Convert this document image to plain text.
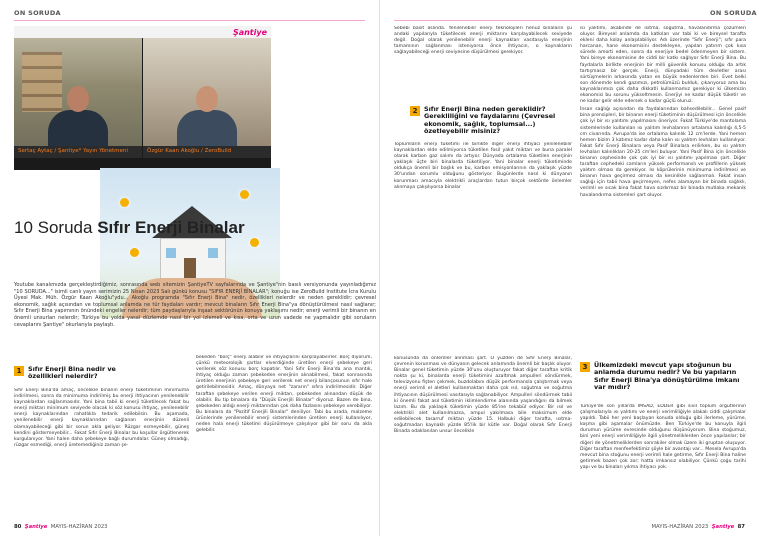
ON SORUDA
Şantiye
Sertaç Aytaç / Şantiye* Yayın Yönetmeni	Özgür Kaan Akoğlu / ZeroBuild
10 Soruda Sıfır Enerji Binalar

Youtube kanalımızda gerçekleştirdiğimiz, sonrasında web sitemizin ŞantiyeTV sayfalarında ve Şantiye"nin basılı versiyonunda yayınladığımız "10 SORUDA..." isimli canlı yayın serimizin 25 Nisan 2023 Salı günkü konusu "SIFIR ENERJİ BİNALAR"; konuğu ise ZeroBuild Institute İcra Kurulu Üyesi Mak. Müh. Özgür Kaan Akoğlu"ydu... Akoğlu programda "Sıfır Enerji Bina" nedir, özellikleri nelerdir ve neden gereklidir; çevresel ekonomik, sağlık açısından ve toplumsal anlamda ne tür faydaları vardır; mevcut binaların Sıfır Enerji Bina"ya dönüştürülmesi nasıl sağlanır; Sıfır Enerji Bina yapımının önündeki engeller nelerdir; tüm paydaşlarıyla inşaat sektörünün konuya yaklaşımı nedir; enerji verimli bir binanın en önemli unsurları nelerdir; Türkiye bu yolda yasal düzlemde nasıl bir yol izlemeli ve kısa, orta ve uzun vadede ne yapmalıdır gibi soruların cevaplarını Şantiye" okurlarıyla paylaştı.

1	Sıfır Enerji Bina nedir ve özellikleri nelerdir?

Sıfır Enerji Bina'da amaç, öncelikle binanın enerji tüketiminin minimuma indirilmesi, sonra da minimuma indirilmiş bu enerji ihtiyacının yenilenebilir kaynaklardan sağlanmasıdır. Yani bina tabii ki enerji tüketilecek fakat bu enerji miktarı minimum seviyede olacak ki söz konusu ihtiyaç, yenilenebilir enerji kaynaklarından rahatlıkla tedarik edilebilsin. Bu aşamada, yenilenebilir enerji kaynaklarından sağlanan enerjinin düzenli olamayabileceği gibi bir sorun akla geliyor. Rüzgar esmeyebilir, güneş kendini göstermeyebilir... Fakat Sıfır Enerji Binalar bu koşullar örgütlenerek kurgulanıyor. Yani halen daha şebekeye bağlı durumdalar. Güneş olmadığı, rüzgar esmediği, enerji üretemediğiniz zaman şe-

bekeden "borç" enerji alabilir ve ihtiyaçlarını karşılayabilirler. Borç diyorum, çünkü meteorolojik şartlar elverdiğinde üretilen enerji şebekeye geri verilerek söz konusu borç kapatılır. Yani Sıfır Enerji Bina'da ana mantık, ihtiyaç olduğu zaman şebekeden enerjinin alınabilmesi, fakat sonrasında üretilen enerjinin şebekeye geri verilerek net enerji bilançosunun sıfır hale getirilebilmesidir. Amaç, dünyaya net "zararın" sıfıra indirilmesidir. Diğer taraftan şebekeye verilen enerji miktarı, şebekeden alınandan düşük de olabilir. Bu tip binalara da "Düşük Enerjili Binalar" diyoruz. Bazen de bina, şebekeden aldığı enerji miktarından çok daha fazlasını şebekeye verebiliyor. Bu binalara da "Pozitif Enerjili Binalar" deniliyor. Tabi bu arada, malzeme ürünlerinde yenilenebilir enerji sistemlerinden üretilen enerji kullanılıyor, neden hala enerji tüketimi düşürülmeye çalışılıyor gibi bir soru da akla gelebilir.

80 Şantiye MAYIS-HAZİRAN 2023
ON SORUDA

Sebebi basit aslında. Yenilenebilir enerji teknolojileri henüz binaların şu andaki yapılarıyla tüketilecek enerji miktarını karşılayabilecek seviyede değil. Doğal olarak yenilenebilir enerji kaynakları vasıtasıyla enerjinin tamamının sağlanması isteniyorsa önce ihtiyacın, o kaynakların sağlayabileceği enerji seviyesine düşürülmesi gerekiyor.

2	Sıfır Enerji Bina neden gereklidir? Gerekliliğini ve faydalarını (Çevresel ekonomik, sağlık, toplumsal...) özetleyebilir misiniz?

Toplumların enerji tüketimi ile birlikte diğer enerji ihtiyacı yenilenebilir kaynaklardan elde edilmiyorsa tüketilen fosil yakıt miktarı ve buna paralel olarak karbon gaz salımı da artıyor. Dünyada ortalama tüketilen enerjinin yaklaşık üçte biri binalarda tüketiliyor. Yani binalar enerji tüketiminde oldukça önemli bir başlık ve bu, karbon emisyonlarının da yaklaşık yüzde 30'undan sorumlu olduğunu gösteriyor. Bugünlerde nasıl ki dünyanın korunması amacıyla elektrikli araçlardan tutun birçok sektörde önlemler alınmaya çalışılıyorsa binalar

konusunda da önlemler alınması şart. O yüzden de Sıfır Enerji Binalar, çevrenin korunması ve dünyanın gelecek anlamında önemli bir başlık oluyor. Binalar genel tüketimin yüzde 30'unu oluşturuyor fakat diğer taraftan kritik nokta şu ki, binalarda enerji tüketimini azaltmak ampulleri söndürmek, televizyonu fişten çekmek, buzdolabını düşük performansla çalıştırmak veya enerji verimli el aletleri kullanmaktan daha çok ısıl, soğutma ve soğutma ihtiyacının düşürülmesi vasıtasıyla sağlanabiliyor. Ampulleri söndürmek tabii ki önemli fakat asıl tüketimin iklimlendirme alanında yaşandığını da bilmek lazım. Bu da yaklaşık tüketimin yüzde 85'ine tekabül ediyor. Bir ısıl ve elektrikli alet kullanılmazsa, ampul yakılmasa bile maksimum elde edilebilecek tasarruf miktarı yüzde 15. Halbuki diğer tarafta, ısıtma-soğutmadan kaynaklı yüzde 85'lik bir kütle var. Doğal olarak Sıfır Enerji Binada odaklanılan unsur öncelikle

ısı yalıtımı, akabinde de ısıtma, soğutma, havalandırma çözümleri oluyor. Bireysel anlamda da katkıları var tabi ki ve bireysel tarafta ekleni daha kolay anlaşılabiliyor. Adı üzerinde "Sıfır Enerji"; sıfır para harcanan, hane ekonomisini destekleyen, yapılan yatırım çok kısa sürede amorti eden, sonra da enerjiye bedel ödenmeyen bir sistem. Yani bireye ekonomisine de ciddi bir katkı sağlıyor Sıfır Enerji Bina. Bu faydalarla birlikte enerjinin bir milli güvenlik konusu olduğu da artık tartışmasız bir gerçek. Enerji, dünyadaki tüm devletler arası sürtüşmelerin arkasında yatan en büyük nedenlerden biri. Evet belki son dönemde kendi gazımızı, petrolümüzü bulduk, çıkarıyoruz ama bu kaynaklarımızı çok daha dikkatli kullanmamız gerekiyor ki ülkemizin ekonomisi bu sorunu yükseltmesin. Enerjiyi ne kadar düşük tüketir ve ne kadar gelir elde edersek o kadar güçlü oluruz.

İnsan sağlığı açısından da faydalarından bahsedilebilir... Genel pasif bina prensipleri, bir binanın enerji tüketiminin düşürülmesi için öncelikle çok iyi bir ısı yalıtımı yapılmasını öneriyor. Fakat Türkiye'de mantolama sistemlerinde kullanılan ısı yalıtım levhalarının ortalama kalınlığı 4,5-5 cm civarında. Avrupa'da ise ortalama kalınlık 12 cm'lerde. Yani hemen hemen bizim 3 katımız kadar daha kalın ısı yalıtım levhaları kullanılıyor. Fakat Sıfır Enerji Binalara veya Pasif Binalara erilirken, bu ısı yalıtım levhaları kalınlıkları 20-25 cm'leri buluyor. Yani Pasif Bina için öncelikle binanın cephesinde çok çok iyi bir ısı yalıtımı yapılması şart. Diğer taraftan cephedeki camların yüksek performanslı ve profillerin yüksek yalıtım olması da gerekiyor. Isı köprülerinin minimuma indirilmesi ve binanın hava geçirmez olması da kesinlikle sağlanmalı. Fakat insan sağlığı için tabii hava geçirmeyen, nefes alamayan bir binada sağlıklı, verimli ve sıcak bina fakat hava sızdırmaz bir binada mutlaka mekanik havalandırma sistemleri şart oluyor.

3	Ülkemizdeki mevcut yapı stoğunun bu anlamda durumu nedir? Ve bu yapıların Sıfır Enerji Bina'ya dönüştürülme imkanı var mıdır?

Türkiye'de son yıllarda IMSAD, EDDER gibi sivil toplum örgütlerinin çalışmalarıyla ısı yalıtımı ve enerji verimliliğiyle alakalı ciddi çalışmalar yapıldı. Tabii her yeni başlayan konuda olduğu gibi ilerleme, yürüme, koşma gibi aşamalar önümüzde. Ben Türkiye'de bu konuyla ilgili durumun yürüme evresinde olduğunu düşünüyorum. Bina stoğumuz, bini yeni enerji verimliliğiyle ilgili yönetmeliklerden önce yapılanlar; bir diğeri de yönetmeliklerden sonrakiler olmak üzere iki gruptan oluşuyor. Diğer taraftan menfeefektimiz şöyle bir avantajı var... Mesela Avrupa'da mevcut bina stoğunu enerji verimli hale getirme, Sıfır Enerji Bina haline getirmek bazen çok zor; hatta imkansız olabiliyor. Çünkü çoğu tarihi yapı ve bu binaları yıkma ihtiyacı yok.

MAYIS-HAZİRAN 2023 Şantiye 87
